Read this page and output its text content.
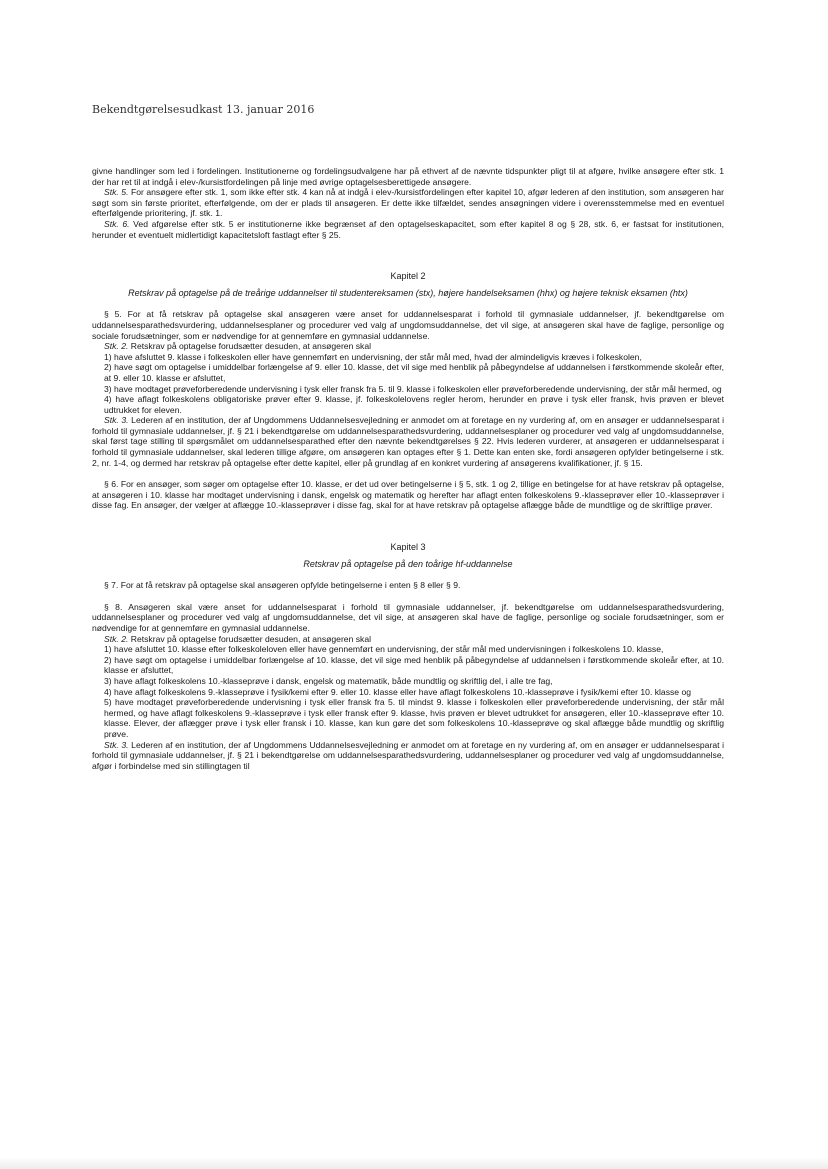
Bekendtgørelsesudkast 13. januar 2016

givne handlinger som led i fordelingen. Institutionerne og fordelingsudvalgene har på ethvert af de nævnte tidspunkter pligt til at afgøre, hvilke ansøgere efter stk. 1 der har ret til at indgå i elev-/kursistfordelingen på linje med øvrige optagelsesberettigede ansøgere.

Stk. 5. For ansøgere efter stk. 1, som ikke efter stk. 4 kan nå at indgå i elev-/kursistfordelingen efter kapitel 10, afgør lederen af den institution, som ansøgeren har søgt som sin første prioritet, efterfølgende, om der er plads til ansøgeren. Er dette ikke tilfældet, sendes ansøgningen videre i overensstemmelse med en eventuel efterfølgende prioritering, jf. stk. 1.

Stk. 6. Ved afgørelse efter stk. 5 er institutionerne ikke begrænset af den optagelseskapacitet, som efter kapitel 8 og § 28, stk. 6, er fastsat for institutionen, herunder et eventuelt midlertidigt kapacitetsloft fastlagt efter § 25.

Kapitel 2

Retskrav på optagelse på de treårige uddannelser til studentereksamen (stx), højere handelseksamen (hhx) og højere teknisk eksamen (htx)

§ 5. For at få retskrav på optagelse skal ansøgeren være anset for uddannelsesparat i forhold til gymnasiale uddannelser, jf. bekendtgørelse om uddannelsesparathedsvurdering, uddannelsesplaner og procedurer ved valg af ungdomsuddannelse, det vil sige, at ansøgeren skal have de faglige, personlige og sociale forudsætninger, som er nødvendige for at gennemføre en gymnasial uddannelse.

Stk. 2. Retskrav på optagelse forudsætter desuden, at ansøgeren skal

1) have afsluttet 9. klasse i folkeskolen eller have gennemført en undervisning, der står mål med, hvad der almindeligvis kræves i folkeskolen,

2) have søgt om optagelse i umiddelbar forlængelse af 9. eller 10. klasse, det vil sige med henblik på påbegyndelse af uddannelsen i førstkommende skoleår efter, at 9. eller 10. klasse er afsluttet,

3) have modtaget prøveforberedende undervisning i tysk eller fransk fra 5. til 9. klasse i folkeskolen eller prøveforberedende undervisning, der står mål hermed, og

4) have aflagt folkeskolens obligatoriske prøver efter 9. klasse, jf. folkeskolelovens regler herom, herunder en prøve i tysk eller fransk, hvis prøven er blevet udtrukket for eleven.

Stk. 3. Lederen af en institution, der af Ungdommens Uddannelsesvejledning er anmodet om at foretage en ny vurdering af, om en ansøger er uddannelsesparat i forhold til gymnasiale uddannelser, jf. § 21 i bekendtgørelse om uddannelsesparathedsvurdering, uddannelsesplaner og procedurer ved valg af ungdomsuddannelse, skal først tage stilling til spørgsmålet om uddannelsesparathed efter den nævnte bekendtgørelses § 22. Hvis lederen vurderer, at ansøgeren er uddannelsesparat i forhold til gymnasiale uddannelser, skal lederen tillige afgøre, om ansøgeren kan optages efter § 1. Dette kan enten ske, fordi ansøgeren opfylder betingelserne i stk. 2, nr. 1-4, og dermed har retskrav på optagelse efter dette kapitel, eller på grundlag af en konkret vurdering af ansøgerens kvalifikationer, jf. § 15.

§ 6. For en ansøger, som søger om optagelse efter 10. klasse, er det ud over betingelserne i § 5, stk. 1 og 2, tillige en betingelse for at have retskrav på optagelse, at ansøgeren i 10. klasse har modtaget undervisning i dansk, engelsk og matematik og herefter har aflagt enten folkeskolens 9.-klasseprøver eller 10.-klasseprøver i disse fag. En ansøger, der vælger at aflægge 10.-klasseprøver i disse fag, skal for at have retskrav på optagelse aflægge både de mundtlige og de skriftlige prøver.

Kapitel 3

Retskrav på optagelse på den toårige hf-uddannelse

§ 7. For at få retskrav på optagelse skal ansøgeren opfylde betingelserne i enten § 8 eller § 9.

§ 8. Ansøgeren skal være anset for uddannelsesparat i forhold til gymnasiale uddannelser, jf. bekendtgørelse om uddannelsesparathedsvurdering, uddannelsesplaner og procedurer ved valg af ungdomsuddannelse, det vil sige, at ansøgeren skal have de faglige, personlige og sociale forudsætninger, som er nødvendige for at gennemføre en gymnasial uddannelse.

Stk. 2. Retskrav på optagelse forudsætter desuden, at ansøgeren skal

1) have afsluttet 10. klasse efter folkeskoleloven eller have gennemført en undervisning, der står mål med undervisningen i folkeskolens 10. klasse,

2) have søgt om optagelse i umiddelbar forlængelse af 10. klasse, det vil sige med henblik på påbegyndelse af uddannelsen i førstkommende skoleår efter, at 10. klasse er afsluttet,

3) have aflagt folkeskolens 10.-klasseprøve i dansk, engelsk og matematik, både mundtlig og skriftlig del, i alle tre fag,

4) have aflagt folkeskolens 9.-klasseprøve i fysik/kemi efter 9. eller 10. klasse eller have aflagt folkeskolens 10.-klasseprøve i fysik/kemi efter 10. klasse og

5) have modtaget prøveforberedende undervisning i tysk eller fransk fra 5. til mindst 9. klasse i folkeskolen eller prøveforberedende undervisning, der står mål hermed, og have aflagt folkeskolens 9.-klasseprøve i tysk eller fransk efter 9. klasse, hvis prøven er blevet udtrukket for ansøgeren, eller 10.-klasseprøve efter 10. klasse. Elever, der aflægger prøve i tysk eller fransk i 10. klasse, kan kun gøre det som folkeskolens 10.-klasseprøve og skal aflægge både mundtlig og skriftlig prøve.

Stk. 3. Lederen af en institution, der af Ungdommens Uddannelsesvejledning er anmodet om at foretage en ny vurdering af, om en ansøger er uddannelsesparat i forhold til gymnasiale uddannelser, jf. § 21 i bekendtgørelse om uddannelsesparathedsvurdering, uddannelsesplaner og procedurer ved valg af ungdomsuddannelse, afgør i forbindelse med sin stillingtagen til
